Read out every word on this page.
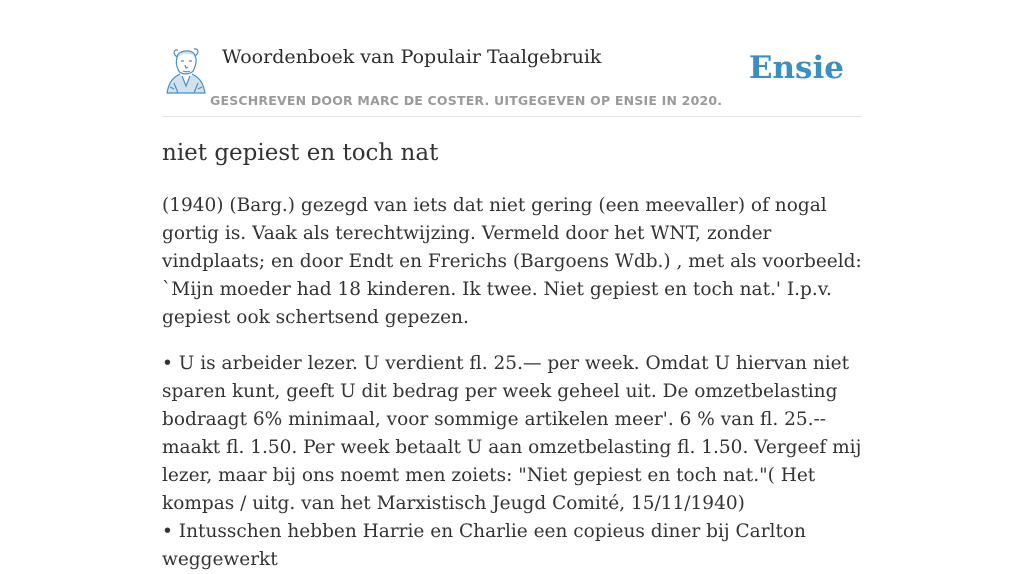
Woordenboek van Populair Taalgebruik
GESCHREVEN DOOR MARC DE COSTER. UITGEGEVEN OP ENSIE IN 2020.
Ensie
niet gepiest en toch nat

(1940) (Barg.) gezegd van iets dat niet gering (een meevaller) of nogal gortig is. Vaak als terechtwijzing. Vermeld door het WNT, zonder vindplaats; en door Endt en Frerichs (Bargoens Wdb.) , met als voorbeeld: `Mijn moeder had 18 kinderen. Ik twee. Niet gepiest en toch nat.' I.p.v. gepiest ook schertsend gepezen.

• U is arbeider lezer. U verdient fl. 25.— per week. Omdat U hiervan niet sparen kunt, geeft U dit bedrag per week geheel uit. De omzetbelasting bodraagt 6% minimaal, voor sommige artikelen meer'. 6 % van fl. 25.-- maakt fl. 1.50. Per week betaalt U aan omzetbelasting fl. 1.50. Vergeef mij lezer, maar bij ons noemt men zoiets: "Niet gepiest en toch nat."( Het kompas / uitg. van het Marxistisch Jeugd Comité, 15/11/1940)

• Intusschen hebben Harrie en Charlie een copieus diner bij Carlton weggewerkt
